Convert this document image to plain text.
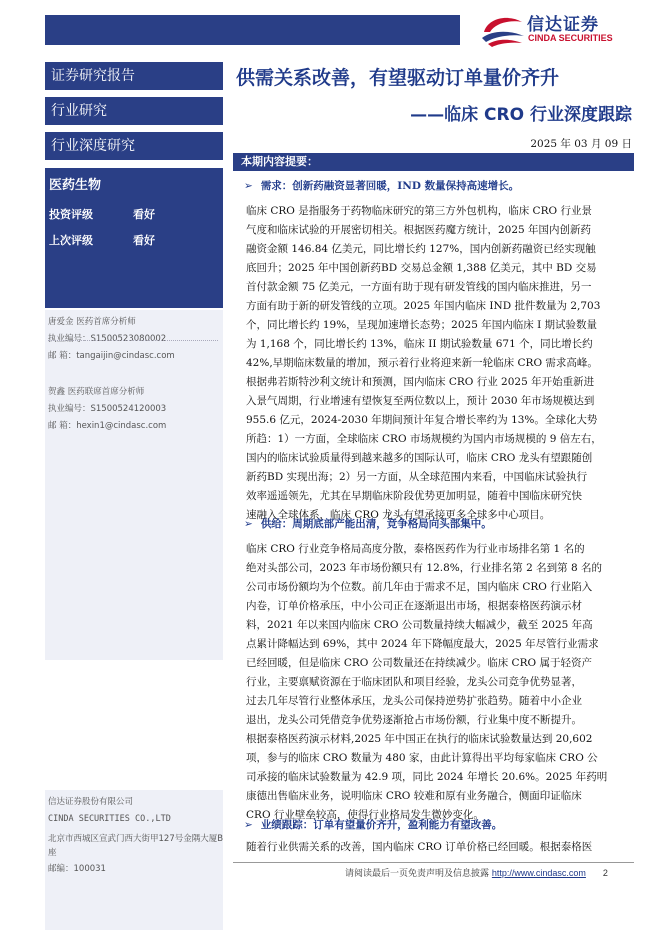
信达证券
CINDA SECURITIES
证券研究报告
行业研究
行业深度研究
医药生物
投资评级	看好
上次评级	看好
唐爱金 医药首席分析师
执业编号：S1500523080002
邮 箱：tangaijin@cindasc.com
贺鑫 医药联席首席分析师
执业编号：S1500524120003
邮 箱：hexin1@cindasc.com
信达证券股份有限公司
CINDA SECURITIES CO.,LTD
北京市西城区宣武门西大街甲127号金隅大厦B
座
邮编：100031
供需关系改善，有望驱动订单量价齐升
——临床 CRO 行业深度跟踪
2025 年 03 月 09 日
本期内容提要：
➢ 需求：创新药融资显著回暖，IND 数量保持高速增长。
临床 CRO 是指服务于药物临床研究的第三方外包机构，临床 CRO 行业景
气度和临床试验的开展密切相关。根据医药魔方统计，2025 年国内创新药
融资金额 146.84 亿美元，同比增长约 127%，国内创新药融资已经实现触
底回升；2025 年中国创新药BD 交易总金额 1,388 亿美元，其中 BD 交易
首付款金额 75 亿美元，一方面有助于现有研发管线的国内临床推进，另一
方面有助于新的研发管线的立项。2025 年国内临床 IND 批件数量为 2,703
个，同比增长约 19%，呈现加速增长态势；2025 年国内临床 I 期试验数量
为 1,168 个，同比增长约 13%，临床 II 期试验数量 671 个，同比增长约
42%,早期临床数量的增加，预示着行业将迎来新一轮临床 CRO 需求高峰。
根据弗若斯特沙利文统计和预测，国内临床 CRO 行业 2025 年开始重新进
入景气周期，行业增速有望恢复至两位数以上，预计 2030 年市场规模达到
955.6 亿元，2024-2030 年期间预计年复合增长率约为 13%。全球化大势
所趋：1）一方面，全球临床 CRO 市场规模约为国内市场规模的 9 倍左右，
国内的临床试验质量得到越来越多的国际认可，临床 CRO 龙头有望跟随创
新药BD 实现出海；2）另一方面，从全球范围内来看，中国临床试验执行
效率遥遥领先，尤其在早期临床阶段优势更加明显，随着中国临床研究快
速融入全球体系，临床 CRO 龙头有望承接更多全球多中心项目。
➢ 供给：周期底部产能出清，竞争格局向头部集中。
临床 CRO 行业竞争格局高度分散，泰格医药作为行业市场排名第 1 名的
绝对头部公司，2023 年市场份额只有 12.8%，行业排名第 2 名到第 8 名的
公司市场份额均为个位数。前几年由于需求不足，国内临床 CRO 行业陷入
内卷，订单价格承压，中小公司正在逐渐退出市场，根据泰格医药演示材
料，2021 年以来国内临床 CRO 公司数量持续大幅减少，截至 2025 年高
点累计降幅达到 69%，其中 2024 年下降幅度最大，2025 年尽管行业需求
已经回暖，但是临床 CRO 公司数量还在持续减少。临床 CRO 属于轻资产
行业，主要禀赋资源在于临床团队和项目经验，龙头公司竞争优势显著，
过去几年尽管行业整体承压，龙头公司保持逆势扩张趋势。随着中小企业
退出，龙头公司凭借竞争优势逐渐抢占市场份额，行业集中度不断提升。
根据泰格医药演示材料,2025 年中国正在执行的临床试验数量达到 20,602
项，参与的临床 CRO 数量为 480 家，由此计算得出平均每家临床 CRO 公
司承接的临床试验数量为 42.9 项，同比 2024 年增长 20.6%。2025 年药明
康德出售临床业务，说明临床 CRO 较难和原有业务融合，侧面印证临床
CRO 行业壁垒较高，使得行业格局发生微妙变化。
➢ 业绩跟踪：订单有望量价齐升，盈利能力有望改善。
随着行业供需关系的改善，国内临床 CRO 订单价格已经回暖。根据泰格医
请阅读最后一页免责声明及信息披露 http://www.cindasc.com 2
